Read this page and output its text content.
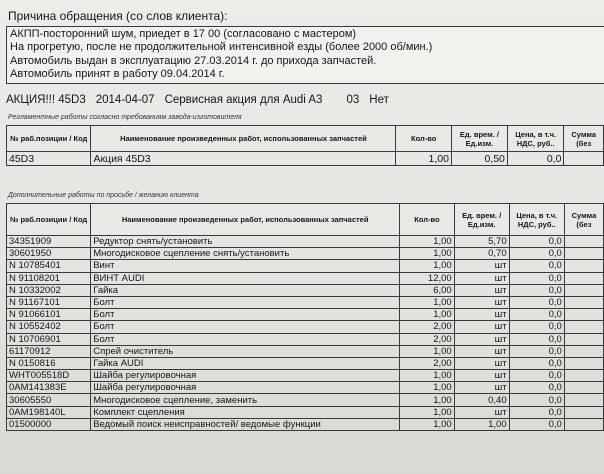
Причина обращения (со слов клиента):
АКПП-посторонний шум, приедет в 17 00 (согласовано с мастером)
На прогретую, после не продолжительной интенсивной езды (более 2000 об/мин.)
Автомобиль выдан в эксплуатацию 27.03.2014 г. до прихода запчастей.
Автомобиль принят в работу 09.04.2014 г.
АКЦИЯ!!! 45D3 2014-04-07 Сервисная акция для Audi A3 03 Нет
Регламентные работы согласно требованиям завода-изготовителя
№ раб.позиции / Код	Наименование произведенных работ, использованных запчастей	Кол-во	Ед. врем. / Ед.изм.	Цена, в т.ч. НДС, руб..	Сумма (без
45D3	Акция 45D3	1,00	0,50	0,0	
Дополнительные работы по просьбе / желанию клиента
№ раб.позиции / Код	Наименование произведенных работ, использованных запчастей	Кол-во	Ед. врем. / Ед.изм.	Цена, в т.ч. НДС, руб..	Сумма (без
34351909	Редуктор снять/установить	1,00	5,70	0,0	
30601950	Многодисковое сцепление снять/установить	1,00	0,70	0,0	
N 10785401	Винт	1,00	шт	0,0	
N 91108201	ВИНТ AUDI	12,00	шт	0,0	
N 10332002	Гайка	6,00	шт	0,0	
N 91167101	Болт	1,00	шт	0,0	
N 91066101	Болт	1,00	шт	0,0	
N 10552402	Болт	2,00	шт	0,0	
N 10706901	Болт	2,00	шт	0,0	
61170912	Спрей очиститель	1,00	шт	0,0	
N 0150816	Гайка AUDI	2,00	шт	0,0	
WHT005518D	Шайба регулировочная	1,00	шт	0,0	
0AM141383E	Шайба регулировочная	1,00	шт	0,0	
30605550	Многодисковое сцепление, заменить	1,00	0,40	0,0	
0AM198140L	Комплект сцепления	1,00	шт	0,0	
01500000	Ведомый поиск неисправностей/ ведомые функции	1,00	1,00	0,0	
